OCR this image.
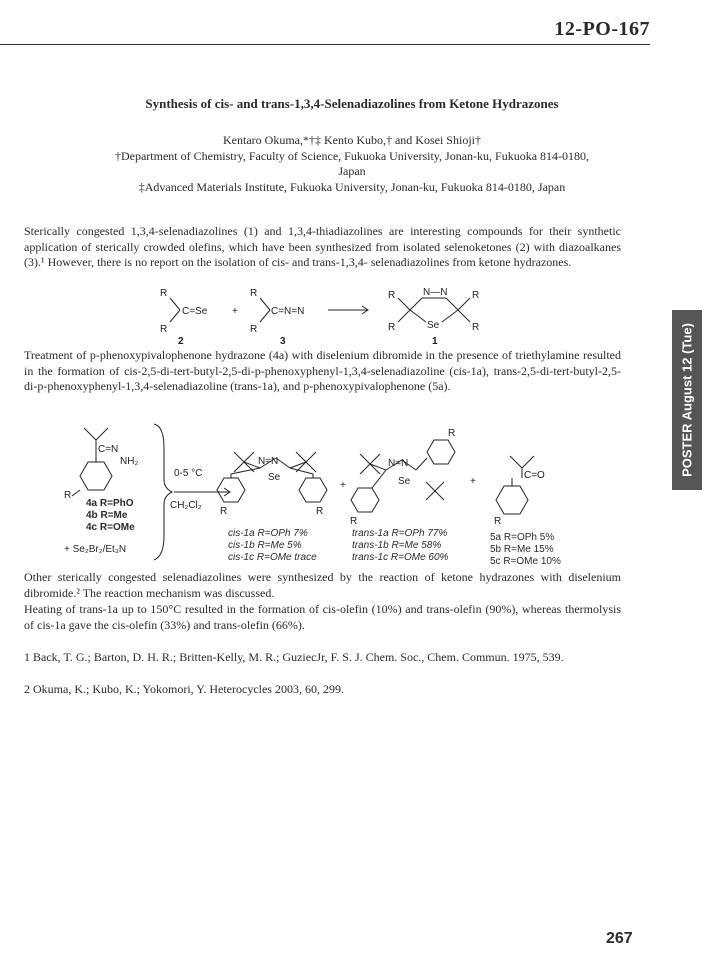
12-PO-167
Synthesis of cis- and trans-1,3,4-Selenadiazolines from Ketone Hydrazones
Kentaro Okuma,*†‡ Kento Kubo,† and Kosei Shioji†
†Department of Chemistry, Faculty of Science, Fukuoka University, Jonan-ku, Fukuoka 814-0180,
Japan
‡Advanced Materials Institute, Fukuoka University, Jonan-ku, Fukuoka 814-0180, Japan

Sterically congested 1,3,4-selenadiazolines (1) and 1,3,4-thiadiazolines are interesting compounds for their synthetic application of sterically crowded olefins, which have been synthesized from isolated selenoketones (2) with diazoalkanes (3).¹ However, there is no report on the isolation of cis- and trans-1,3,4- selenadiazolines from ketone hydrazones.

R
R
C=Se
2
+
R
R
C=N=N
3
R
R
N—N
Se
R
R
1

Treatment of p-phenoxypivalophenone hydrazone (4a) with diselenium dibromide in the presence of triethylamine resulted in the formation of cis-2,5-di-tert-butyl-2,5-di-p-phenoxyphenyl-1,3,4-selenadiazoline (cis-1a), trans-2,5-di-tert-butyl-2,5-di-p-phenoxyphenyl-1,3,4-selenadiazoline (trans-1a), and p-phenoxypivalophenone (5a).

C=N
NH₂
R
0-5 °C
CH₂Cl₂
N=N
Se
R	R
+
N=N
Se
R
R
+
C=O
R
4a R=PhO
4b R=Me
4c R=OMe
+ Se₂Br₂/Et₃N
cis-1a R=OPh 7%
cis-1b R=Me 5%
cis-1c R=OMe trace
trans-1a R=OPh 77%
trans-1b R=Me 58%
trans-1c R=OMe 60%
5a R=OPh 5%
5b R=Me 15%
5c R=OMe 10%

Other sterically congested selenadiazolines were synthesized by the reaction of ketone hydrazones with diselenium dibromide.² The reaction mechanism was discussed.

Heating of trans-1a up to 150°C resulted in the formation of cis-olefin (10%) and trans-olefin (90%), whereas thermolysis of cis-1a gave the cis-olefin (33%) and trans-olefin (66%).

1 Back, T. G.; Barton, D. H. R.; Britten-Kelly, M. R.; GuziecJr, F. S. J. Chem. Soc., Chem. Commun. 1975, 539.

2 Okuma, K.; Kubo, K.; Yokomori, Y. Heterocycles 2003, 60, 299.

POSTER August 12 (Tue)
267
